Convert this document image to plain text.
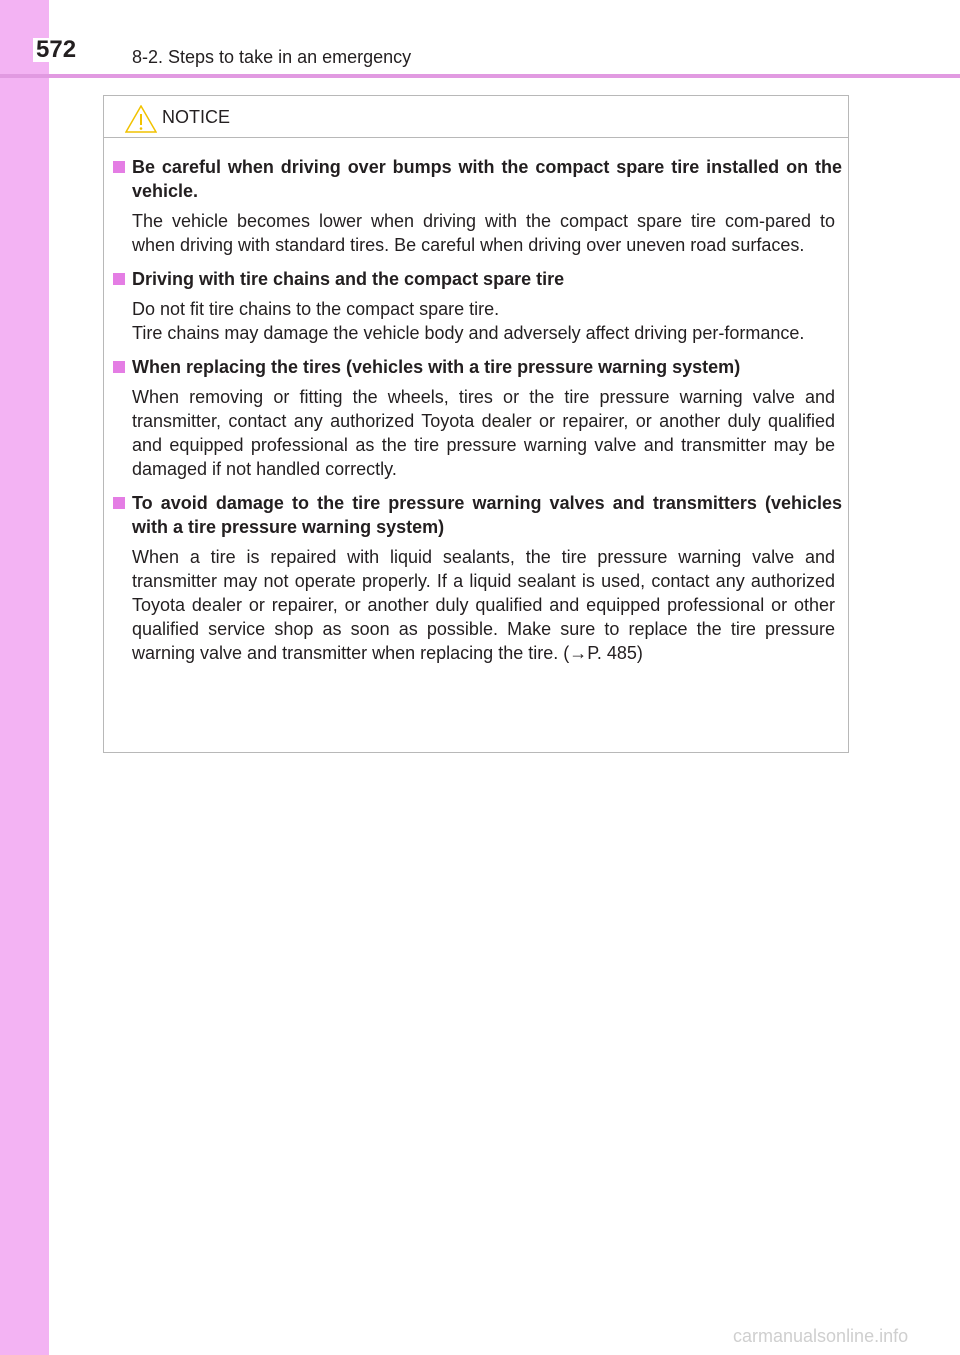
572	8-2. Steps to take in an emergency
NOTICE
Be careful when driving over bumps with the compact spare tire installed on the vehicle.

The vehicle becomes lower when driving with the compact spare tire com-pared to when driving with standard tires. Be careful when driving over uneven road surfaces.

Driving with tire chains and the compact spare tire

Do not fit tire chains to the compact spare tire.

Tire chains may damage the vehicle body and adversely affect driving per-formance.

When replacing the tires (vehicles with a tire pressure warning system)

When removing or fitting the wheels, tires or the tire pressure warning valve and transmitter, contact any authorized Toyota dealer or repairer, or another duly qualified and equipped professional as the tire pressure warning valve and transmitter may be damaged if not handled correctly.

To avoid damage to the tire pressure warning valves and transmitters (vehicles with a tire pressure warning system)

When a tire is repaired with liquid sealants, the tire pressure warning valve and transmitter may not operate properly. If a liquid sealant is used, contact any authorized Toyota dealer or repairer, or another duly qualified and equipped professional or other qualified service shop as soon as possible. Make sure to replace the tire pressure warning valve and transmitter when replacing the tire. (→P. 485)

carmanualsonline.info
